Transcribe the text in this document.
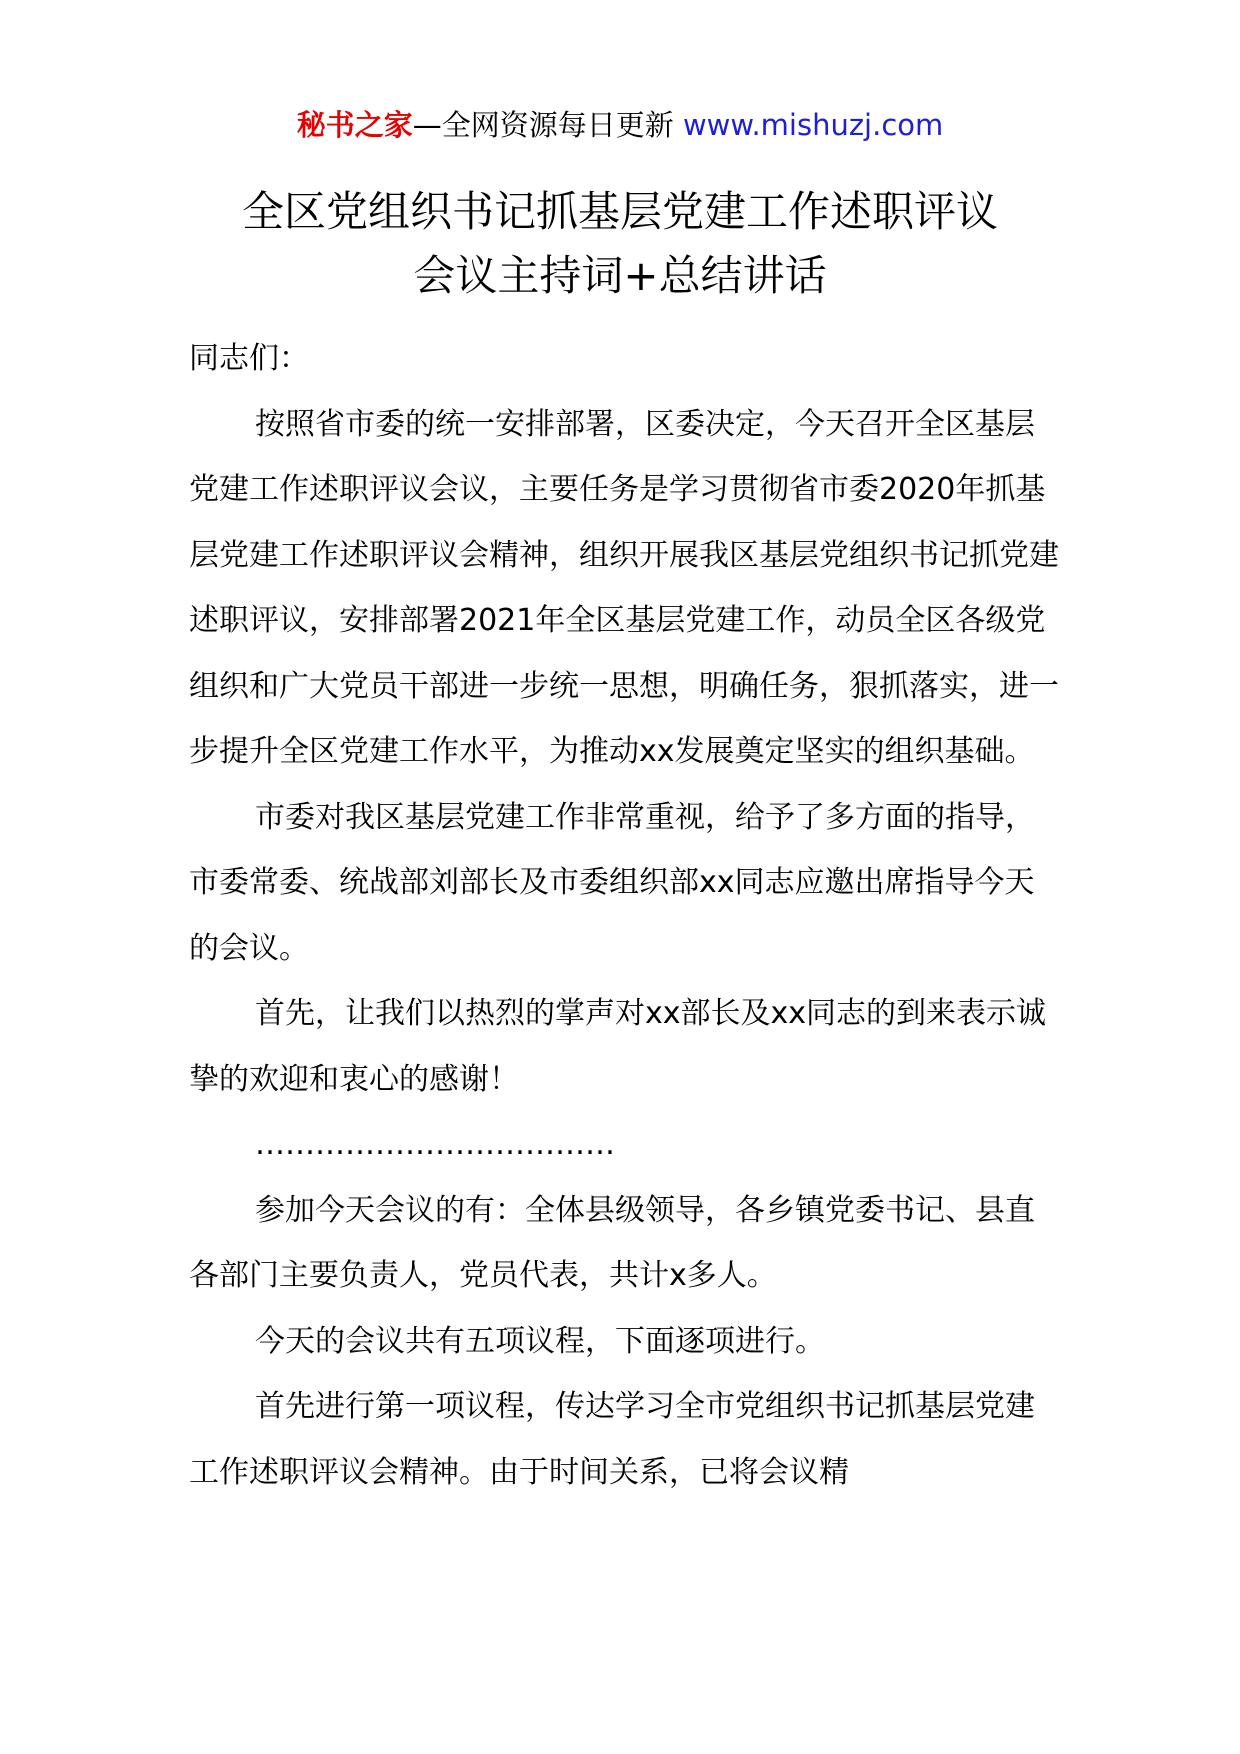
秘书之家—全网资源每日更新 www.mishuzj.com
全区党组织书记抓基层党建工作述职评议
会议主持词+总结讲话

同志们：

按照省市委的统一安排部署，区委决定，今天召开全区基层党建工作述职评议会议，主要任务是学习贯彻省市委2020年抓基层党建工作述职评议会精神，组织开展我区基层党组织书记抓党建述职评议，安排部署2021年全区基层党建工作，动员全区各级党组织和广大党员干部进一步统一思想，明确任务，狠抓落实，进一步提升全区党建工作水平，为推动xx发展奠定坚实的组织基础。

市委对我区基层党建工作非常重视，给予了多方面的指导，市委常委、统战部刘部长及市委组织部xx同志应邀出席指导今天的会议。

首先，让我们以热烈的掌声对xx部长及xx同志的到来表示诚挚的欢迎和衷心的感谢！

………………………………

参加今天会议的有：全体县级领导，各乡镇党委书记、县直各部门主要负责人，党员代表，共计x多人。

今天的会议共有五项议程，下面逐项进行。

首先进行第一项议程，传达学习全市党组织书记抓基层党建工作述职评议会精神。由于时间关系，已将会议精
